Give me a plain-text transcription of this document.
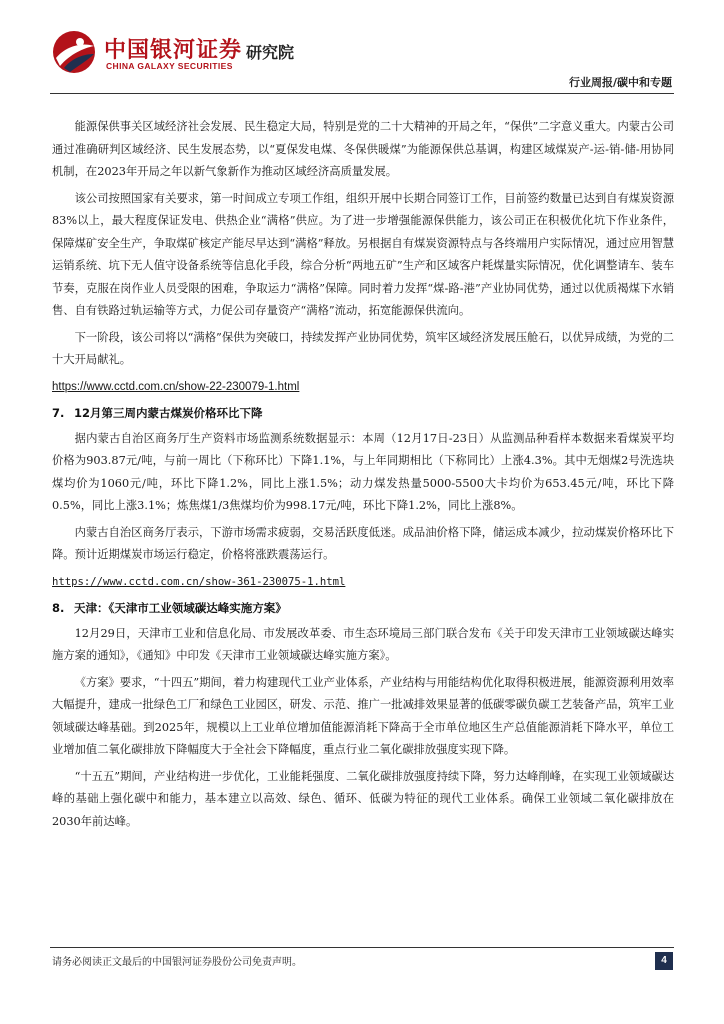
中国银河证券 研究院
CHINA GALAXY SECURITIES
行业周报/碳中和专题

能源保供事关区域经济社会发展、民生稳定大局，特别是党的二十大精神的开局之年，“保供”二字意义重大。内蒙古公司通过准确研判区域经济、民生发展态势，以“夏保发电煤、冬保供暖煤”为能源保供总基调，构建区域煤炭产-运-销-储-用协同机制，在2023年开局之年以新气象新作为推动区域经济高质量发展。

该公司按照国家有关要求，第一时间成立专项工作组，组织开展中长期合同签订工作，目前签约数量已达到自有煤炭资源83%以上，最大程度保证发电、供热企业“满格”供应。为了进一步增强能源保供能力，该公司正在积极优化坑下作业条件，保障煤矿安全生产，争取煤矿核定产能尽早达到“满格”释放。另根据自有煤炭资源特点与各终端用户实际情况，通过应用智慧运销系统、坑下无人值守设备系统等信息化手段，综合分析“两地五矿”生产和区域客户耗煤量实际情况，优化调整请车、装车节奏，克服在岗作业人员受限的困难，争取运力“满格”保障。同时着力发挥“煤-路-港”产业协同优势，通过以优质褐煤下水销售、自有铁路过轨运输等方式，力促公司存量资产“满格”流动，拓宽能源保供流向。

下一阶段，该公司将以“满格”保供为突破口，持续发挥产业协同优势，筑牢区域经济发展压舱石，以优异成绩，为党的二十大开局献礼。

https://www.cctd.com.cn/show-22-230079-1.html
7. 12月第三周内蒙古煤炭价格环比下降

据内蒙古自治区商务厅生产资料市场监测系统数据显示：本周（12月17日-23日）从监测品种看样本数据来看煤炭平均价格为903.87元/吨，与前一周比（下称环比）下降1.1%，与上年同期相比（下称同比）上涨4.3%。其中无烟煤2号洗选块煤均价为1060元/吨，环比下降1.2%，同比上涨1.5%；动力煤发热量5000-5500大卡均价为653.45元/吨，环比下降0.5%，同比上涨3.1%；炼焦煤1/3焦煤均价为998.17元/吨，环比下降1.2%，同比上涨8%。

内蒙古自治区商务厅表示，下游市场需求疲弱，交易活跃度低迷。成品油价格下降，储运成本减少，拉动煤炭价格环比下降。预计近期煤炭市场运行稳定，价格将涨跌震荡运行。

https://www.cctd.com.cn/show-361-230075-1.html
8. 天津：《天津市工业领域碳达峰实施方案》

12月29日，天津市工业和信息化局、市发展改革委、市生态环境局三部门联合发布《关于印发天津市工业领域碳达峰实施方案的通知》，《通知》中印发《天津市工业领域碳达峰实施方案》。

《方案》要求，“十四五”期间，着力构建现代工业产业体系，产业结构与用能结构优化取得积极进展，能源资源利用效率大幅提升，建成一批绿色工厂和绿色工业园区，研发、示范、推广一批减排效果显著的低碳零碳负碳工艺装备产品，筑牢工业领域碳达峰基础。到2025年，规模以上工业单位增加值能源消耗下降高于全市单位地区生产总值能源消耗下降水平，单位工业增加值二氧化碳排放下降幅度大于全社会下降幅度，重点行业二氧化碳排放强度实现下降。

“十五五”期间，产业结构进一步优化，工业能耗强度、二氧化碳排放强度持续下降，努力达峰削峰，在实现工业领域碳达峰的基础上强化碳中和能力，基本建立以高效、绿色、循环、低碳为特征的现代工业体系。确保工业领域二氧化碳排放在2030年前达峰。

请务必阅读正文最后的中国银河证券股份公司免责声明。	4
